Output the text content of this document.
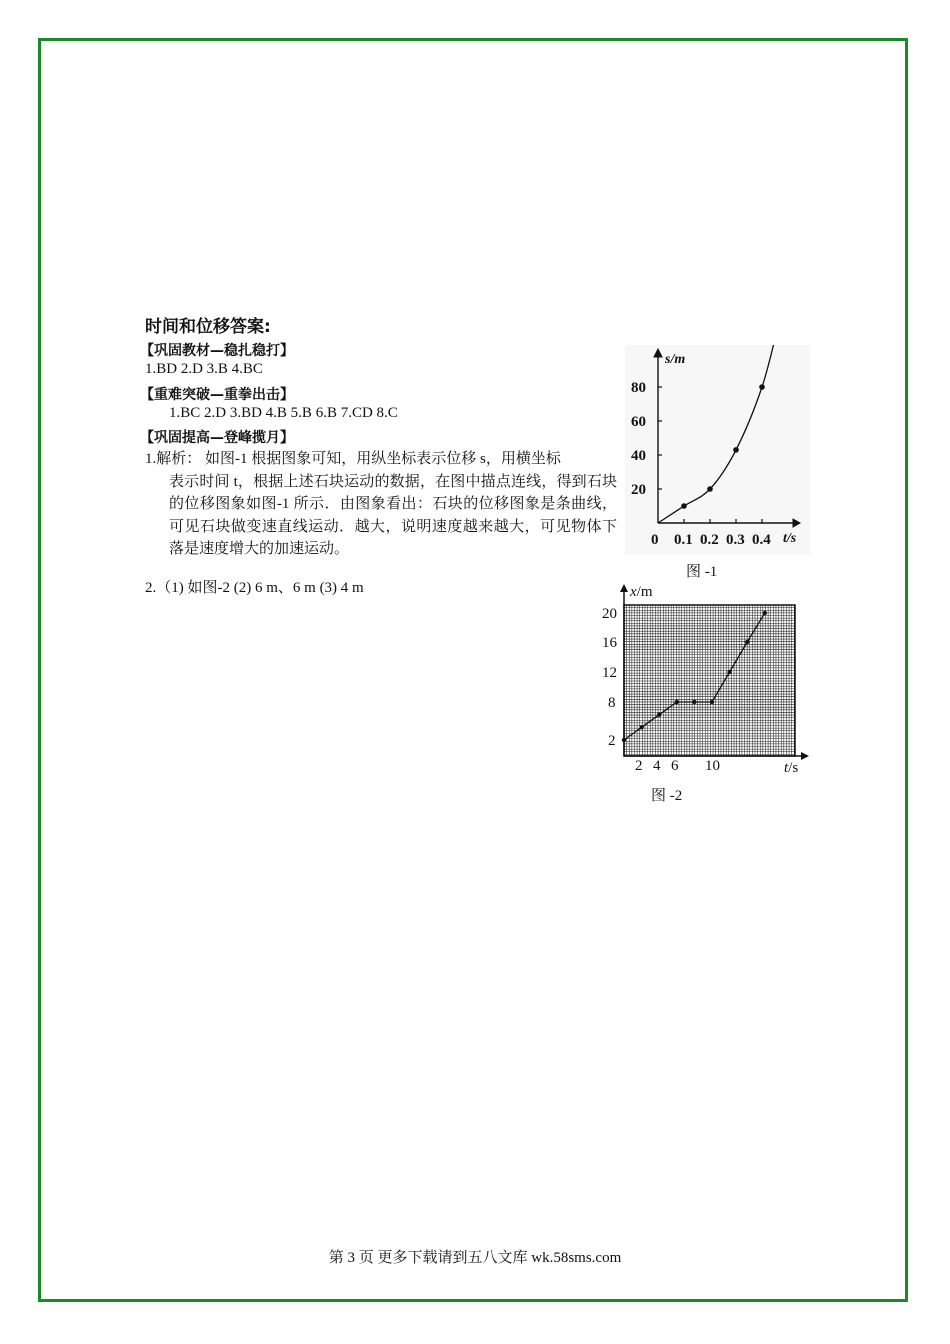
时间和位移答案:
【巩固教材—稳扎稳打】
1.BD 2.D 3.B 4.BC
【重难突破—重拳出击】
1.BC 2.D 3.BD 4.B 5.B 6.B 7.CD 8.C
【巩固提高—登峰揽月】
1.解析： 如图-1 根据图象可知，用纵坐标表示位移 s，用横坐标
表示时间 t，根据上述石块运动的数据，在图中描点连线，得到石块的位移图象如图-1 所示．由图象看出：石块的位移图象是条曲线，可见石块做变速直线运动．越大，说明速度越来越大，可见物体下落是速度增大的加速运动。
2.（1) 如图-2 (2) 6 m、6 m (3) 4 m
s/m
t/s
0 0.1 0.2 0.3 0.4
20
40
60
80
图 -1
x/m
t/s
2
8
12
16
20
2 4 6 10
图 -2
第 3 页 更多下载请到五八文库 wk.58sms.com
